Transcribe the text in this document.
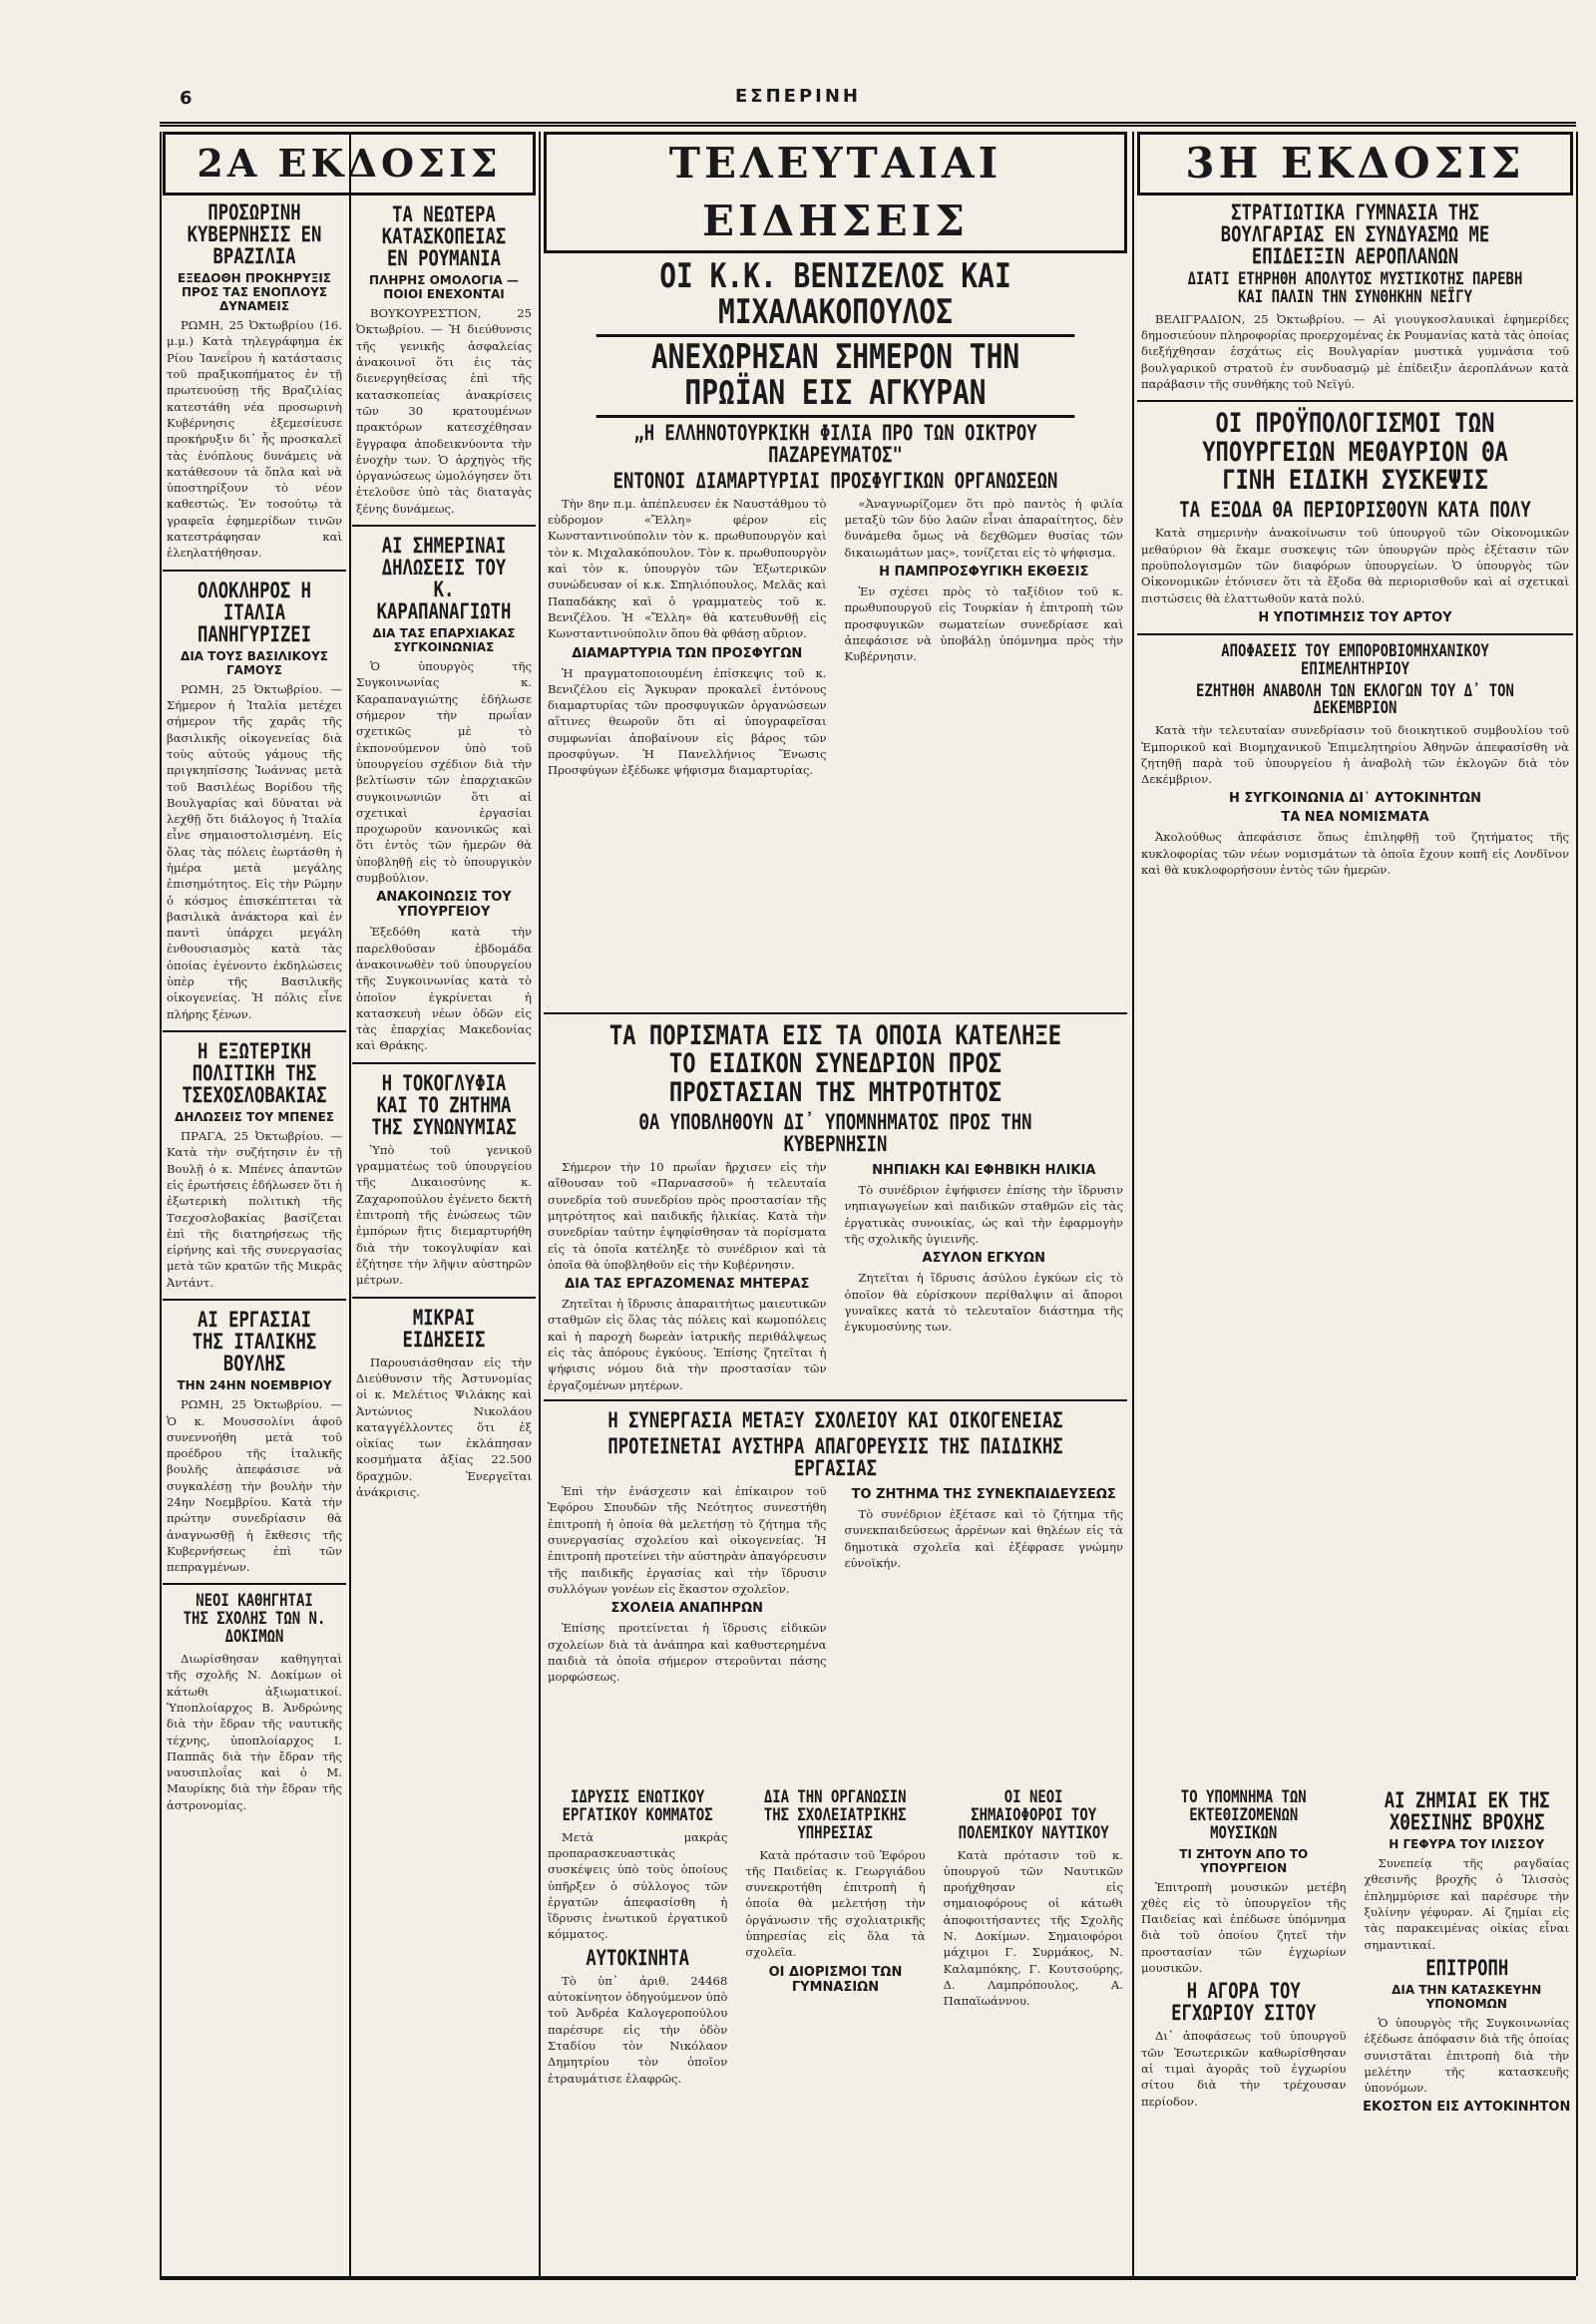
6	ΕΣΠΕΡΙΝΗ
2Α ΕΚΔΟΣΙΣ
ΠΡΟΣΩΡΙΝΗ ΚΥΒΕΡΝΗΣΙΣ ΕΝ ΒΡΑΖΙΛΙΑ
ΕΞΕΔΟΘΗ ΠΡΟΚΗΡΥΞΙΣ ΠΡΟΣ ΤΑΣ ΕΝΟΠΛΟΥΣ ΔΥΝΑΜΕΙΣ

ΡΩΜΗ, 25 Ὀκτωβρίου (16. μ.μ.) Κατὰ τηλεγράφημα ἐκ Ρίου Ἰανεΐρου ἡ κατάστασις τοῦ πραξικοπήματος ἐν τῇ πρωτευούσῃ τῆς Βραζιλίας κατεστάθη νέα προσωρινὴ Κυβέρνησις ἐξεμεσίευσε προκήρυξιν δι᾽ ἧς προσκαλεῖ τὰς ἐνόπλους δυνάμεις νὰ κατάθεσουν τὰ ὅπλα καὶ νὰ ὑποστηρίξουν τὸ νέον καθεστώς. Ἐν τοσούτῳ τὰ γραφεῖα ἐφημερίδων τινῶν κατεστράφησαν καὶ ἐλεηλατήθησαν.

ΟΛΟΚΛΗΡΟΣ Η ΙΤΑΛΙΑ ΠΑΝΗΓΥΡΙΖΕΙ
ΔΙΑ ΤΟΥΣ ΒΑΣΙΛΙΚΟΥΣ ΓΑΜΟΥΣ

ΡΩΜΗ, 25 Ὀκτωβρίου. — Σήμερον ἡ Ἰταλία μετέχει σήμερον τῆς χαρᾶς τῆς βασιλικῆς οἰκογενείας διὰ τοὺς αὐτούς γάμους τῆς πριγκηπίσσης Ἰωάννας μετὰ τοῦ Βασιλέως Βορίδου τῆς Βουλγαρίας καὶ δύναται νὰ λεχθῇ ὅτι διάλογος ἡ Ἰταλία εἶνε σημαιοστολισμένη. Εἰς ὅλας τὰς πόλεις ἐωρτάσθη ἡ ἡμέρα μετὰ μεγάλης ἐπισημότητος. Εἰς τὴν Ρώμην ὁ κόσμος ἐπισκέπτεται τὰ βασιλικὰ ἀνάκτορα καὶ ἐν παντὶ ὑπάρχει μεγάλη ἐνθουσιασμὸς κατὰ τὰς ὁποίας ἐγένοντο ἐκδηλώσεις ὑπὲρ τῆς Βασιλικῆς οἰκογενείας. Ἡ πόλις εἶνε πλήρης ξένων.

Η ΕΞΩΤΕΡΙΚΗ ΠΟΛΙΤΙΚΗ ΤΗΣ ΤΣΕΧΟΣΛΟΒΑΚΙΑΣ
ΔΗΛΩΣΕΙΣ ΤΟΥ ΜΠΕΝΕΣ

ΠΡΑΓΑ, 25 Ὀκτωβρίου. — Κατὰ τὴν συζήτησιν ἐν τῇ Βουλῇ ὁ κ. Μπένες ἀπαντῶν εἰς ἐρωτήσεις ἐδήλωσεν ὅτι ἡ ἐξωτερικὴ πολιτικὴ τῆς Τσεχοσλοβακίας βασίζεται ἐπὶ τῆς διατηρήσεως τῆς εἰρήνης καὶ τῆς συνεργασίας μετὰ τῶν κρατῶν τῆς Μικρᾶς Ἀντάντ.

ΑΙ ΕΡΓΑΣΙΑΙ ΤΗΣ ΙΤΑΛΙΚΗΣ ΒΟΥΛΗΣ
ΤΗΝ 24ΗΝ ΝΟΕΜΒΡΙΟΥ

ΡΩΜΗ, 25 Ὀκτωβρίου. — Ὁ κ. Μουσσολίνι ἀφοῦ συνεννοήθη μετὰ τοῦ προέδρου τῆς ἰταλικῆς βουλῆς ἀπεφάσισε νὰ συγκαλέσῃ τὴν βουλὴν τὴν 24ην Νοεμβρίου. Κατὰ τὴν πρώτην συνεδρίασιν θὰ ἀναγνωσθῇ ἡ ἔκθεσις τῆς Κυβερνήσεως ἐπὶ τῶν πεπραγμένων.

ΝΕΟΙ ΚΑΘΗΓΗΤΑΙ ΤΗΣ ΣΧΟΛΗΣ ΤΩΝ Ν. ΔΟΚΙΜΩΝ

Διωρίσθησαν καθηγηταὶ τῆς σχολῆς Ν. Δοκίμων οἱ κάτωθι ἀξιωματικοί. Ὑποπλοίαρχος Β. Ἀνδρώνης διὰ τὴν ἔδραν τῆς ναυτικῆς τέχνης, ὑποπλοίαρχος Ι. Παππᾶς διὰ τὴν ἔδραν τῆς ναυσιπλοΐας καὶ ὁ Μ. Μαυρίκης διὰ τὴν ἔδραν τῆς ἀστρονομίας.

ΤΑ ΝΕΩΤΕΡΑ ΚΑΤΑΣΚΟΠΕΙΑΣ ΕΝ ΡΟΥΜΑΝΙΑ
ΠΛΗΡΗΣ ΟΜΟΛΟΓΙΑ — ΠΟΙΟΙ ΕΝΕΧΟΝΤΑΙ

ΒΟΥΚΟΥΡΕΣΤΙΟΝ, 25 Ὀκτωβρίου. — Ἡ διεύθυνσις τῆς γενικῆς ἀσφαλείας ἀνακοινοῖ ὅτι ἐις τὰς διενεργηθείσας ἐπὶ τῆς κατασκοπείας ἀνακρίσεις τῶν 30 κρατουμένων πρακτόρων κατεσχέθησαν ἔγγραφα ἀποδεικνύοντα τὴν ἐνοχὴν των. Ὁ ἀρχηγὸς τῆς ὀργανώσεως ὡμολόγησεν ὅτι ἐτελοῦσε ὑπὸ τὰς διαταγὰς ξένης δυνάμεως.

ΑΙ ΣΗΜΕΡΙΝΑΙ ΔΗΛΩΣΕΙΣ ΤΟΥ Κ. ΚΑΡΑΠΑΝΑΓΙΩΤΗ
ΔΙΑ ΤΑΣ ΕΠΑΡΧΙΑΚΑΣ ΣΥΓΚΟΙΝΩΝΙΑΣ

Ὁ ὑπουργὸς τῆς Συγκοινωνίας κ. Καραπαναγιώτης ἐδήλωσε σήμερον τὴν πρωΐαν σχετικῶς μὲ τὸ ἐκπονούμενον ὑπὸ τοῦ ὑπουργείου σχέδιον διὰ τὴν βελτίωσιν τῶν ἐπαρχιακῶν συγκοινωνιῶν ὅτι αἱ σχετικαὶ ἐργασίαι προχωροῦν κανονικῶς καὶ ὅτι ἐντὸς τῶν ἡμερῶν θὰ ὑποβληθῇ εἰς τὸ ὑπουργικὸν συμβούλιον.

ΑΝΑΚΟΙΝΩΣΙΣ ΤΟΥ ΥΠΟΥΡΓΕΙΟΥ

Ἐξεδόθη κατὰ τὴν παρελθοῦσαν ἑβδομάδα ἀνακοινωθὲν τοῦ ὑπουργείου τῆς Συγκοινωνίας κατὰ τὸ ὁποῖον ἐγκρίνεται ἡ κατασκευὴ νέων ὁδῶν εἰς τὰς ἐπαρχίας Μακεδονίας καὶ Θράκης.

Η ΤΟΚΟΓΛΥΦΙΑ ΚΑΙ ΤΟ ΖΗΤΗΜΑ ΤΗΣ ΣΥΝΩΝΥΜΙΑΣ

Ὑπὸ τοῦ γενικοῦ γραμματέως τοῦ ὑπουργείου τῆς Δικαιοσύνης κ. Ζαχαροπούλου ἐγένετο δεκτὴ ἐπιτροπὴ τῆς ἐνώσεως τῶν ἐμπόρων ἥτις διεμαρτυρήθη διὰ τὴν τοκογλυφίαν καὶ ἐζήτησε τὴν λῆψιν αὐστηρῶν μέτρων.

ΜΙΚΡΑΙ ΕΙΔΗΣΕΙΣ

Παρουσιάσθησαν εἰς τὴν Διεύθυνσιν τῆς Ἀστυνομίας οἱ κ. Μελέτιος Ψιλάκης καὶ Ἀντώνιος Νικολάου καταγγέλλοντες ὅτι ἐξ οἰκίας των ἐκλάπησαν κοσμήματα ἀξίας 22.500 δραχμῶν. Ἐνεργεῖται ἀνάκρισις.

ΤΕΛΕΥΤΑΙΑΙ ΕΙΔΗΣΕΙΣ
ΟΙ Κ.Κ. ΒΕΝΙΖΕΛΟΣ ΚΑΙ ΜΙΧΑΛΑΚΟΠΟΥΛΟΣ
ΑΝΕΧΩΡΗΣΑΝ ΣΗΜΕΡΟΝ ΤΗΝ ΠΡΩΪΑΝ ΕΙΣ ΑΓΚΥΡΑΝ
„Η ΕΛΛΗΝΟΤΟΥΡΚΙΚΗ ΦΙΛΙΑ ΠΡΟ ΤΩΝ ΟΙΚΤΡΟΥ ΠΑΖΑΡΕΥΜΑΤΟΣ"
ΕΝΤΟΝΟΙ ΔΙΑΜΑΡΤΥΡΙΑΙ ΠΡΟΣΦΥΓΙΚΩΝ ΟΡΓΑΝΩΣΕΩΝ

Τὴν 8ην π.μ. ἀπέπλευσεν ἐκ Ναυστάθμου τὸ εὐδρομον «Ἔλλη» φέρον εἰς Κωνσταντινούπολιν τὸν κ. πρωθυπουργὸν καὶ τὸν κ. Μιχαλακόπουλον. Τὸν κ. πρωθυπουργὸν καὶ τὸν κ. ὑπουργὸν τῶν Ἐξωτερικῶν συνώδευσαν οἱ κ.κ. Σπηλιόπουλος, Μελᾶς καὶ Παπαδάκης καὶ ὁ γραμματεὺς τοῦ κ. Βενιζέλου. Ἡ «Ἔλλη» θὰ κατευθυνθῇ εἰς Κωνσταντινούπολιν ὅπου θὰ φθάσῃ αὔριον.

ΔΙΑΜΑΡΤΥΡΙΑ ΤΩΝ ΠΡΟΣΦΥΓΩΝ

Ἡ πραγματοποιουμένη ἐπίσκεψις τοῦ κ. Βενιζέλου εἰς Ἄγκυραν προκαλεῖ ἐντόνους διαμαρτυρίας τῶν προσφυγικῶν ὀργανώσεων αἵτινες θεωροῦν ὅτι αἱ ὑπογραφεῖσαι συμφωνίαι ἀποβαίνουν εἰς βάρος τῶν προσφύγων. Ἡ Πανελλήνιος Ἕνωσις Προσφύγων ἐξέδωκε ψήφισμα διαμαρτυρίας.

«Ἀναγνωρίζομεν ὅτι πρὸ παντὸς ἡ φιλία μεταξὺ τῶν δύο λαῶν εἶναι ἀπαραίτητος, δὲν δυνάμεθα ὅμως νὰ δεχθῶμεν θυσίας τῶν δικαιωμάτων μας», τονίζεται εἰς τὸ ψήφισμα.

Η ΠΑΜΠΡΟΣΦΥΓΙΚΗ ΕΚΘΕΣΙΣ

Ἐν σχέσει πρὸς τὸ ταξίδιον τοῦ κ. πρωθυπουργοῦ εἰς Τουρκίαν ἡ ἐπιτροπὴ τῶν προσφυγικῶν σωματείων συνεδρίασε καὶ ἀπεφάσισε νὰ ὑποβάλῃ ὑπόμνημα πρὸς τὴν Κυβέρνησιν.

ΤΑ ΠΟΡΙΣΜΑΤΑ ΕΙΣ ΤΑ ΟΠΟΙΑ ΚΑΤΕΛΗΞΕ ΤΟ ΕΙΔΙΚΟΝ ΣΥΝΕΔΡΙΟΝ ΠΡΟΣ ΠΡΟΣΤΑΣΙΑΝ ΤΗΣ ΜΗΤΡΟΤΗΤΟΣ
ΘΑ ΥΠΟΒΛΗΘΟΥΝ ΔΙ᾽ ΥΠΟΜΝΗΜΑΤΟΣ ΠΡΟΣ ΤΗΝ ΚΥΒΕΡΝΗΣΙΝ

Σήμερον τὴν 10 πρωΐαν ἤρχισεν εἰς τὴν αἴθουσαν τοῦ «Παρνασσοῦ» ἡ τελευταία συνεδρία τοῦ συνεδρίου πρὸς προστασίαν τῆς μητρότητος καὶ παιδικῆς ἡλικίας. Κατὰ τὴν συνεδρίαν ταύτην ἐψηφίσθησαν τὰ πορίσματα εἰς τὰ ὁποῖα κατέληξε τὸ συνέδριον καὶ τὰ ὁποῖα θὰ ὑποβληθοῦν εἰς τὴν Κυβέρνησιν.

ΔΙΑ ΤΑΣ ΕΡΓΑΖΟΜΕΝΑΣ ΜΗΤΕΡΑΣ

Ζητεῖται ἡ ἴδρυσις ἀπαραιτήτως μαιευτικῶν σταθμῶν εἰς ὅλας τὰς πόλεις καὶ κωμοπόλεις καὶ ἡ παροχὴ δωρεὰν ἰατρικῆς περιθάλψεως εἰς τὰς ἀπόρους ἐγκύους. Ἐπίσης ζητεῖται ἡ ψήφισις νόμου διὰ τὴν προστασίαν τῶν ἐργαζομένων μητέρων.

ΝΗΠΙΑΚΗ ΚΑΙ ΕΦΗΒΙΚΗ ΗΛΙΚΙΑ

Τὸ συνέδριον ἐψήφισεν ἐπίσης τὴν ἴδρυσιν νηπιαγωγείων καὶ παιδικῶν σταθμῶν εἰς τὰς ἐργατικὰς συνοικίας, ὡς καὶ τὴν ἐφαρμογὴν τῆς σχολικῆς ὑγιεινῆς.

ΑΣΥΛΟΝ ΕΓΚΥΩΝ

Ζητεῖται ἡ ἵδρυσις ἀσύλου ἐγκύων εἰς τὸ ὁποῖον θὰ εὑρίσκουν περίθαλψιν αἱ ἄποροι γυναῖκες κατὰ τὸ τελευταῖον διάστημα τῆς ἐγκυμοσύνης των.

3Η ΕΚΔΟΣΙΣ
ΣΤΡΑΤΙΩΤΙΚΑ ΓΥΜΝΑΣΙΑ ΤΗΣ ΒΟΥΛΓΑΡΙΑΣ ΕΝ ΣΥΝΔΥΑΣΜΩ ΜΕ ΕΠΙΔΕΙΞΙΝ ΑΕΡΟΠΛΑΝΩΝ
ΔΙΑΤΙ ΕΤΗΡΗΘΗ ΑΠΟΛΥΤΟΣ ΜΥΣΤΙΚΟΤΗΣ ΠΑΡΕΒΗ ΚΑΙ ΠΑΛΙΝ ΤΗΝ ΣΥΝΘΗΚΗΝ ΝΕΪΓΥ

ΒΕΛΙΓΡΑΔΙΟΝ, 25 Ὀκτωβρίου. — Αἱ γιουγκοσλαυικαὶ ἐφημερίδες δημοσιεύουν πληροφορίας προερχομένας ἐκ Ρουμανίας κατὰ τὰς ὁποίας διεξήχθησαν ἐσχάτως εἰς Βουλγαρίαν μυστικὰ γυμνάσια τοῦ βουλγαρικοῦ στρατοῦ ἐν συνδυασμῷ μὲ ἐπίδειξιν ἀεροπλάνων κατὰ παράβασιν τῆς συνθήκης τοῦ Νεϊγύ.

ΟΙ ΠΡΟΫΠΟΛΟΓΙΣΜΟΙ ΤΩΝ ΥΠΟΥΡΓΕΙΩΝ ΜΕΘΑΥΡΙΟΝ ΘΑ ΓΙΝΗ ΕΙΔΙΚΗ ΣΥΣΚΕΨΙΣ
ΤΑ ΕΞΟΔΑ ΘΑ ΠΕΡΙΟΡΙΣΘΟΥΝ ΚΑΤΑ ΠΟΛΥ

Κατὰ σημερινὴν ἀνακοίνωσιν τοῦ ὑπουργοῦ τῶν Οἰκονομικῶν μεθαύριον θὰ ἔκαμε συσκεψις τῶν ὑπουργῶν πρὸς ἐξέτασιν τῶν προϋπολογισμῶν τῶν διαφόρων ὑπουργείων. Ὁ ὑπουργὸς τῶν Οἰκονομικῶν ἐτόνισεν ὅτι τὰ ἔξοδα θὰ περιορισθοῦν καὶ αἱ σχετικαὶ πιστώσεις θὰ ἐλαττωθοῦν κατὰ πολύ.

Η ΥΠΟΤΙΜΗΣΙΣ ΤΟΥ ΑΡΤΟΥ
ΑΠΟΦΑΣΕΙΣ ΤΟΥ ΕΜΠΟΡΟΒΙΟΜΗΧΑΝΙΚΟΥ ΕΠΙΜΕΛΗΤΗΡΙΟΥ
ΕΖΗΤΗΘΗ ΑΝΑΒΟΛΗ ΤΩΝ ΕΚΛΟΓΩΝ ΤΟΥ Δ᾽ ΤΟΝ ΔΕΚΕΜΒΡΙΟΝ

Κατὰ τὴν τελευταίαν συνεδρίασιν τοῦ διοικητικοῦ συμβουλίου τοῦ Ἐμπορικοῦ καὶ Βιομηχανικοῦ Ἐπιμελητηρίου Ἀθηνῶν ἀπεφασίσθη νὰ ζητηθῇ παρὰ τοῦ ὑπουργείου ἡ ἀναβολὴ τῶν ἐκλογῶν διὰ τὸν Δεκέμβριον.

Η ΣΥΓΚΟΙΝΩΝΙΑ ΔΙ᾽ ΑΥΤΟΚΙΝΗΤΩΝ
ΤΑ ΝΕΑ ΝΟΜΙΣΜΑΤΑ

Ἀκολούθως ἀπεφάσισε ὅπως ἐπιληφθῇ τοῦ ζητήματος τῆς κυκλοφορίας τῶν νέων νομισμάτων τὰ ὁποῖα ἔχουν κοπῆ εἰς Λονδῖνον καὶ θὰ κυκλοφορήσουν ἐντὸς τῶν ἡμερῶν.

Η ΣΥΝΕΡΓΑΣΙΑ ΜΕΤΑΞΥ ΣΧΟΛΕΙΟΥ ΚΑΙ ΟΙΚΟΓΕΝΕΙΑΣ
ΠΡΟΤΕΙΝΕΤΑΙ ΑΥΣΤΗΡΑ ΑΠΑΓΟΡΕΥΣΙΣ ΤΗΣ ΠΑΙΔΙΚΗΣ ΕΡΓΑΣΙΑΣ

Ἐπὶ τὴν ἐνάσχεσιν καὶ ἐπίκαιρον τοῦ Ἐφόρου Σπουδῶν τῆς Νεότητος συνεστήθη ἐπιτροπὴ ἡ ὁποία θὰ μελετήσῃ τὸ ζήτημα τῆς συνεργασίας σχολείου καὶ οἰκογενείας. Ἡ ἐπιτροπὴ προτείνει τὴν αὐστηρὰν ἀπαγόρευσιν τῆς παιδικῆς ἐργασίας καὶ τὴν ἵδρυσιν συλλόγων γονέων εἰς ἕκαστον σχολεῖον.

ΣΧΟΛΕΙΑ ΑΝΑΠΗΡΩΝ

Ἐπίσης προτείνεται ἡ ἵδρυσις εἰδικῶν σχολείων διὰ τὰ ἀνάπηρα καὶ καθυστερημένα παιδιὰ τὰ ὁποῖα σήμερον στεροῦνται πάσης μορφώσεως.

ΤΟ ΖΗΤΗΜΑ ΤΗΣ ΣΥΝΕΚΠΑΙΔΕΥΣΕΩΣ

Τὸ συνέδριον ἐξέτασε καὶ τὸ ζήτημα τῆς συνεκπαιδεύσεως ἀρρένων καὶ θηλέων εἰς τὰ δημοτικὰ σχολεῖα καὶ ἐξέφρασε γνώμην εὐνοϊκήν.

ΙΔΡΥΣΙΣ ΕΝΩΤΙΚΟΥ ΕΡΓΑΤΙΚΟΥ ΚΟΜΜΑΤΟΣ

Μετὰ μακρὰς προπαρασκευαστικὰς συσκέψεις ὑπὸ τοὺς ὁποίους ὑπῆρξεν ὁ σύλλογος τῶν ἐργατῶν ἀπεφασίσθη ἡ ἵδρυσις ἑνωτικοῦ ἐργατικοῦ κόμματος.

ΑΥΤΟΚΙΝΗΤΑ

Τὸ ὑπ᾽ ἀριθ. 24468 αὐτοκίνητον ὁδηγούμενον ὑπὸ τοῦ Ἀνδρέα Καλογεροπούλου παρέσυρε εἰς τὴν ὁδὸν Σταδίου τὸν Νικόλαον Δημητρίου τὸν ὁποῖον ἐτραυμάτισε ἐλαφρῶς.

ΔΙΑ ΤΗΝ ΟΡΓΑΝΩΣΙΝ ΤΗΣ ΣΧΟΛΕΙΑΤΡΙΚΗΣ ΥΠΗΡΕΣΙΑΣ

Κατὰ πρότασιν τοῦ Ἐφόρου τῆς Παιδείας κ. Γεωργιάδου συνεκροτήθη ἐπιτροπὴ ἡ ὁποία θὰ μελετήσῃ τὴν ὀργάνωσιν τῆς σχολιατρικῆς ὑπηρεσίας εἰς ὅλα τὰ σχολεῖα.

ΟΙ ΔΙΟΡΙΣΜΟΙ ΤΩΝ ΓΥΜΝΑΣΙΩΝ
ΟΙ ΝΕΟΙ ΣΗΜΑΙΟΦΟΡΟΙ ΤΟΥ ΠΟΛΕΜΙΚΟΥ ΝΑΥΤΙΚΟΥ

Κατὰ πρότασιν τοῦ κ. ὑπουργοῦ τῶν Ναυτικῶν προήχθησαν εἰς σημαιοφόρους οἱ κάτωθι ἀποφοιτήσαντες τῆς Σχολῆς Ν. Δοκίμων. Σημαιοφόροι μάχιμοι Γ. Συρμάκος, Ν. Καλαμπόκης, Γ. Κουτσούρης, Δ. Λαμπρόπουλος, Α. Παπαϊωάννου.

ΤΟ ΥΠΟΜΝΗΜΑ ΤΩΝ ΕΚΤΕΘΙΖΟΜΕΝΩΝ ΜΟΥΣΙΚΩΝ
ΤΙ ΖΗΤΟΥΝ ΑΠΟ ΤΟ ΥΠΟΥΡΓΕΙΟΝ

Ἐπιτροπὴ μουσικῶν μετέβη χθὲς εἰς τὸ ὑπουργεῖον τῆς Παιδείας καὶ ἐπέδωσε ὑπόμνημα διὰ τοῦ ὁποίου ζητεῖ τὴν προστασίαν τῶν ἐγχωρίων μουσικῶν.

Η ΑΓΟΡΑ ΤΟΥ ΕΓΧΩΡΙΟΥ ΣΙΤΟΥ

Δι᾽ ἀποφάσεως τοῦ ὑπουργοῦ τῶν Ἐσωτερικῶν καθωρίσθησαν αἱ τιμαὶ ἀγορᾶς τοῦ ἐγχωρίου σίτου διὰ τὴν τρέχουσαν περίοδον.

ΑΙ ΖΗΜΙΑΙ ΕΚ ΤΗΣ ΧΘΕΣΙΝΗΣ ΒΡΟΧΗΣ
Η ΓΕΦΥΡΑ ΤΟΥ ΙΛΙΣΣΟΥ

Συνεπείᾳ τῆς ραγδαίας χθεσινῆς βροχῆς ὁ Ἰλισσὸς ἐπλημμύρισε καὶ παρέσυρε τὴν ξυλίνην γέφυραν. Αἱ ζημίαι εἰς τὰς παρακειμένας οἰκίας εἶναι σημαντικαί.

ΕΠΙΤΡΟΠΗ
ΔΙΑ ΤΗΝ ΚΑΤΑΣΚΕΥΗΝ ΥΠΟΝΟΜΩΝ

Ὁ ὑπουργὸς τῆς Συγκοινωνίας ἐξέδωσε ἀπόφασιν διὰ τῆς ὁποίας συνιστᾶται ἐπιτροπὴ διὰ τὴν μελέτην τῆς κατασκευῆς ὑπονόμων.

ΕΚΟΣΤΟΝ ΕΙΣ ΑΥΤΟΚΙΝΗΤΟΝ
